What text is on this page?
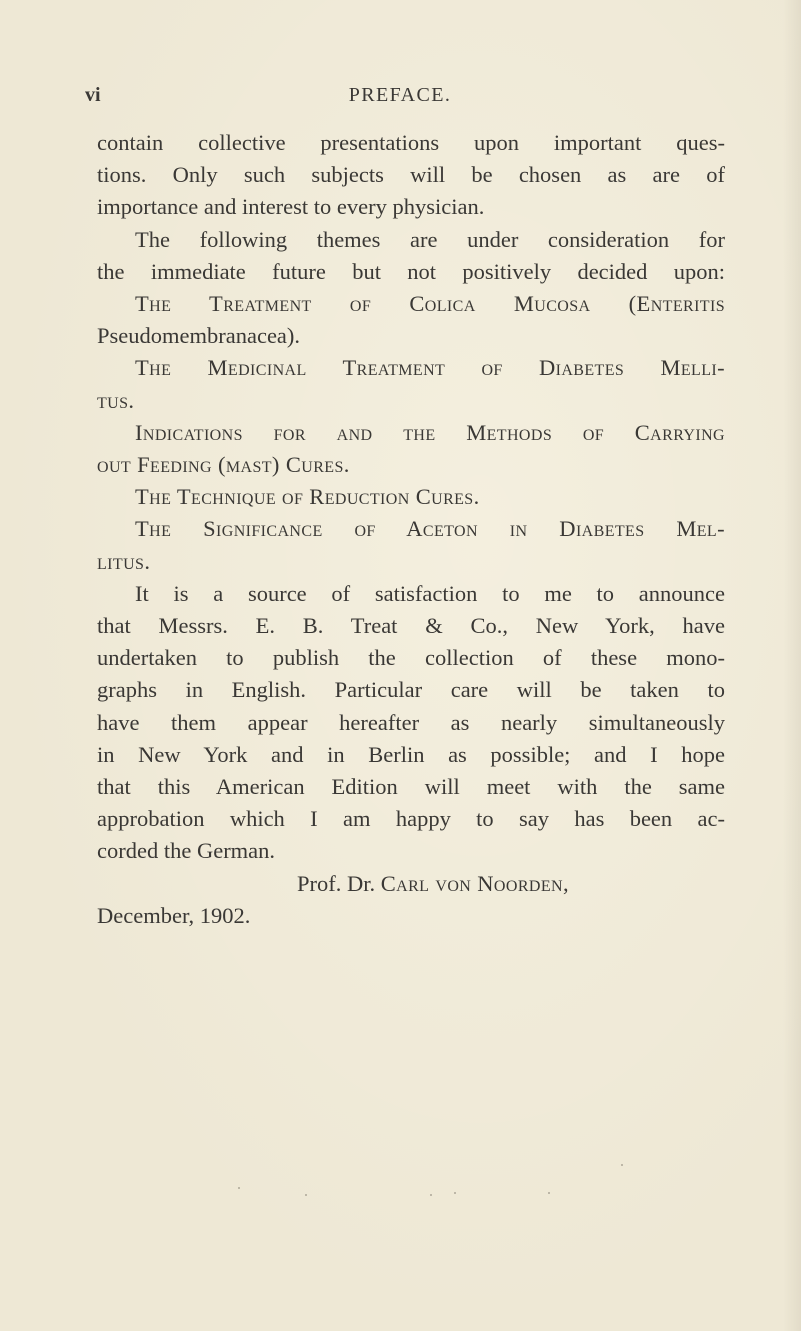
vi	PREFACE.
contain collective presentations upon important ques-
tions. Only such subjects will be chosen as are of
importance and interest to every physician.
The following themes are under consideration for
the immediate future but not positively decided upon:
The Treatment of Colica Mucosa (Enteritis
Pseudomembranacea).
The Medicinal Treatment of Diabetes Melli-
tus.
Indications for and the Methods of Carrying
out Feeding (mast) Cures.
The Technique of Reduction Cures.
The Significance of Aceton in Diabetes Mel-
litus.
It is a source of satisfaction to me to announce
that Messrs. E. B. Treat & Co., New York, have
undertaken to publish the collection of these mono-
graphs in English. Particular care will be taken to
have them appear hereafter as nearly simultaneously
in New York and in Berlin as possible; and I hope
that this American Edition will meet with the same
approbation which I am happy to say has been ac-
corded the German.
Prof. Dr. Carl von Noorden,
December, 1902.
